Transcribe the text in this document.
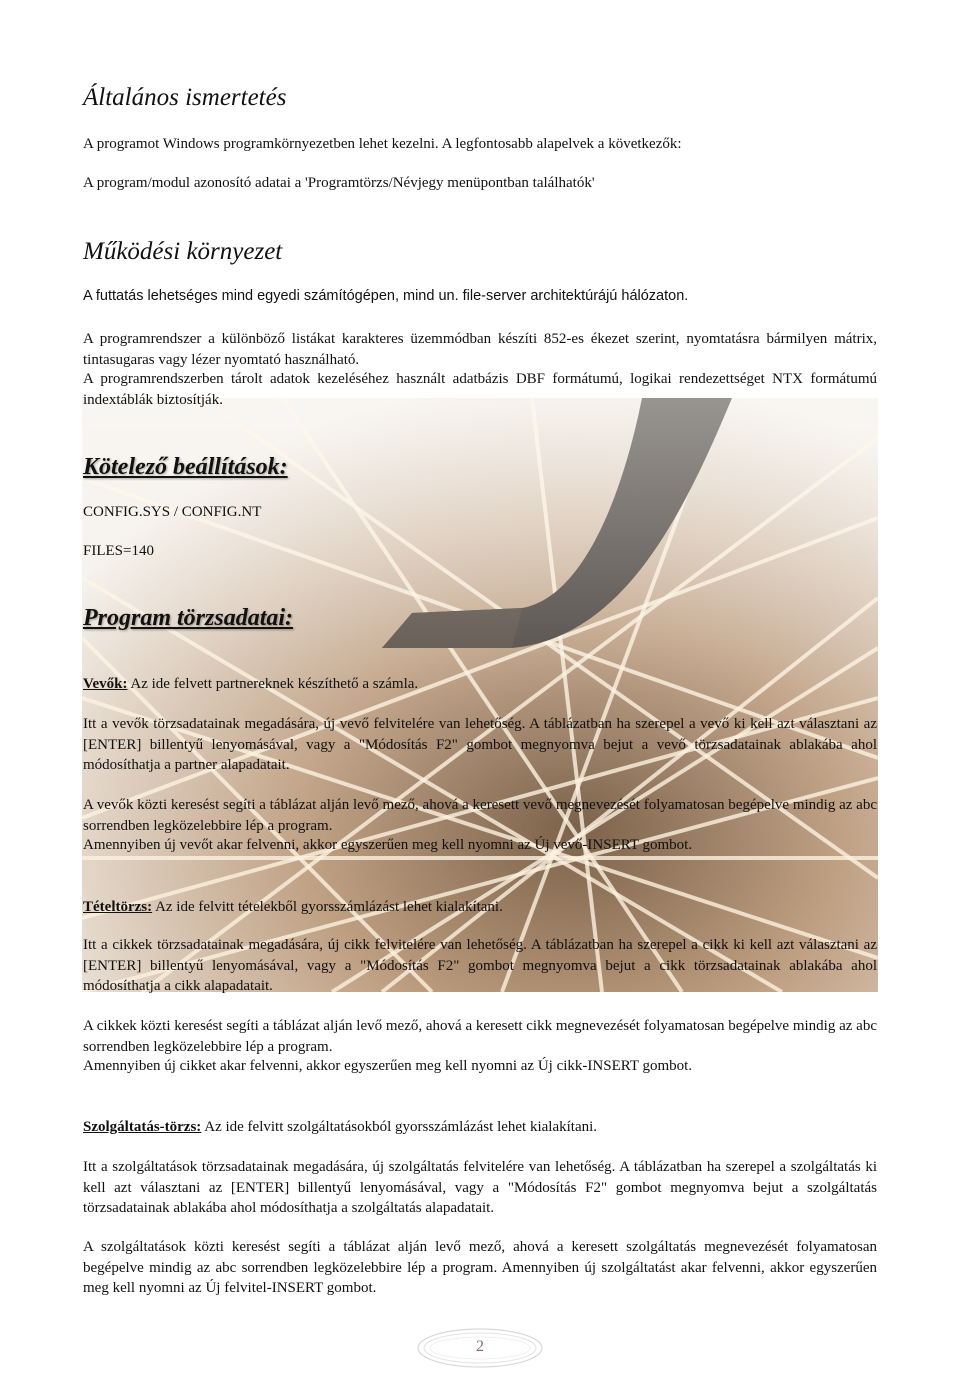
Általános ismertetés
A programot Windows programkörnyezetben lehet kezelni. A legfontosabb alapelvek a következők:
A program/modul azonosító adatai a 'Programtörzs/Névjegy menüpontban találhatók'
Működési környezet
A futtatás lehetséges mind egyedi számítógépen, mind un. file-server architektúrájú hálózaton.
A programrendszer a különböző listákat karakteres üzemmódban készíti 852-es ékezet szerint, nyomtatásra bármilyen mátrix, tintasugaras vagy lézer nyomtató használható.
A programrendszerben tárolt adatok kezeléséhez használt adatbázis DBF formátumú, logikai rendezettséget NTX formátumú indextáblák biztosítják.
Kötelező beállítások:
CONFIG.SYS / CONFIG.NT
FILES=140
Program törzsadatai:
Vevők: Az ide felvett partnereknek készíthető a számla.
Itt a vevők törzsadatainak megadására, új vevő felvitelére van lehetőség. A táblázatban ha szerepel a vevő ki kell azt választani az [ENTER] billentyű lenyomásával, vagy a "Módosítás F2" gombot megnyomva bejut a vevő törzsadatainak ablakába ahol módosíthatja a partner alapadatait.
A vevők közti keresést segíti a táblázat alján levő mező, ahová a keresett vevő megnevezését folyamatosan begépelve mindig az abc sorrendben legközelebbire lép a program.
Amennyiben új vevőt akar felvenni, akkor egyszerűen meg kell nyomni az Új vevő-INSERT gombot.
Tételtörzs: Az ide felvitt tételekből gyorsszámlázást lehet kialakítani.
Itt a cikkek törzsadatainak megadására, új cikk felvitelére van lehetőség. A táblázatban ha szerepel a cikk ki kell azt választani az [ENTER] billentyű lenyomásával, vagy a "Módosítás F2" gombot megnyomva bejut a cikk törzsadatainak ablakába ahol módosíthatja a cikk alapadatait.
A cikkek közti keresést segíti a táblázat alján levő mező, ahová a keresett cikk megnevezését folyamatosan begépelve mindig az abc sorrendben legközelebbire lép a program.
Amennyiben új cikket akar felvenni, akkor egyszerűen meg kell nyomni az Új cikk-INSERT gombot.
Szolgáltatás-törzs: Az ide felvitt szolgáltatásokból gyorsszámlázást lehet kialakítani.
Itt a szolgáltatások törzsadatainak megadására, új szolgáltatás felvitelére van lehetőség. A táblázatban ha szerepel a szolgáltatás ki kell azt választani az [ENTER] billentyű lenyomásával, vagy a "Módosítás F2" gombot megnyomva bejut a szolgáltatás törzsadatainak ablakába ahol módosíthatja a szolgáltatás alapadatait.
A szolgáltatások közti keresést segíti a táblázat alján levő mező, ahová a keresett szolgáltatás megnevezését folyamatosan begépelve mindig az abc sorrendben legközelebbire lép a program. Amennyiben új szolgáltatást akar felvenni, akkor egyszerűen meg kell nyomni az Új felvitel-INSERT gombot.
2
